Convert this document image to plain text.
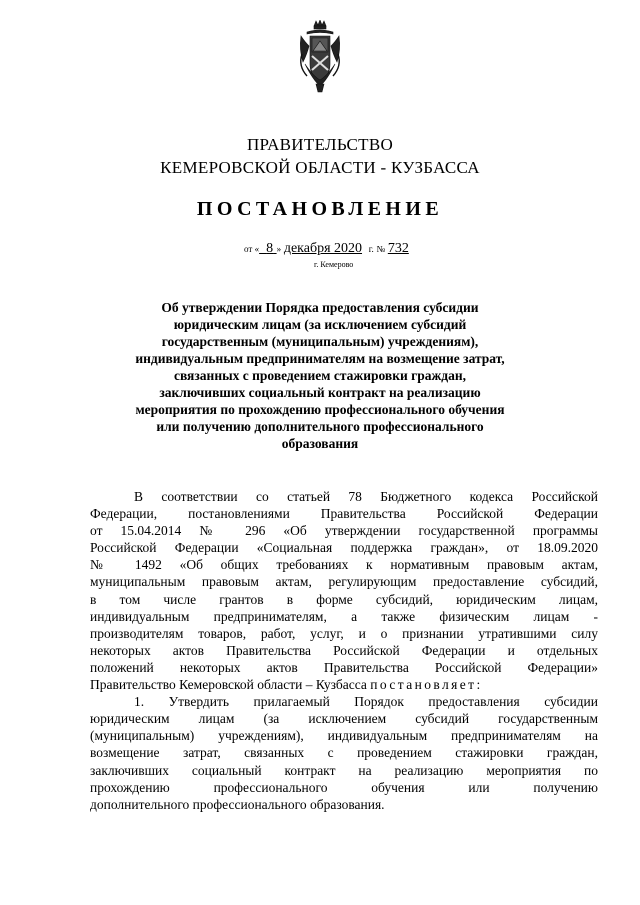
ПРАВИТЕЛЬСТВО
КЕМЕРОВСКОЙ ОБЛАСТИ - КУЗБАССА
ПОСТАНОВЛЕНИЕ
от « 8 » декабря 2020 г. № 732
г. Кемерово
Об утверждении Порядка предоставления субсидии
юридическим лицам (за исключением субсидий
государственным (муниципальным) учреждениям),
индивидуальным предпринимателям на возмещение затрат,
связанных с проведением стажировки граждан,
заключивших социальный контракт на реализацию
мероприятия по прохождению профессионального обучения
или получению дополнительного профессионального
образования
В соответствии со статьей 78 Бюджетного кодекса Российской
Федерации, постановлениями Правительства Российской Федерации
от 15.04.2014 № 296 «Об утверждении государственной программы
Российской Федерации «Социальная поддержка граждан», от 18.09.2020
№ 1492 «Об общих требованиях к нормативным правовым актам,
муниципальным правовым актам, регулирующим предоставление субсидий,
в том числе грантов в форме субсидий, юридическим лицам,
индивидуальным предпринимателям, а также физическим лицам -
производителям товаров, работ, услуг, и о признании утратившими силу
некоторых актов Правительства Российской Федерации и отдельных
положений некоторых актов Правительства Российской Федерации»
Правительство Кемеровской области – Кузбасса постановляет:
1. Утвердить прилагаемый Порядок предоставления субсидии
юридическим лицам (за исключением субсидий государственным
(муниципальным) учреждениям), индивидуальным предпринимателям на
возмещение затрат, связанных с проведением стажировки граждан,
заключивших социальный контракт на реализацию мероприятия по
прохождению профессионального обучения или получению
дополнительного профессионального образования.
